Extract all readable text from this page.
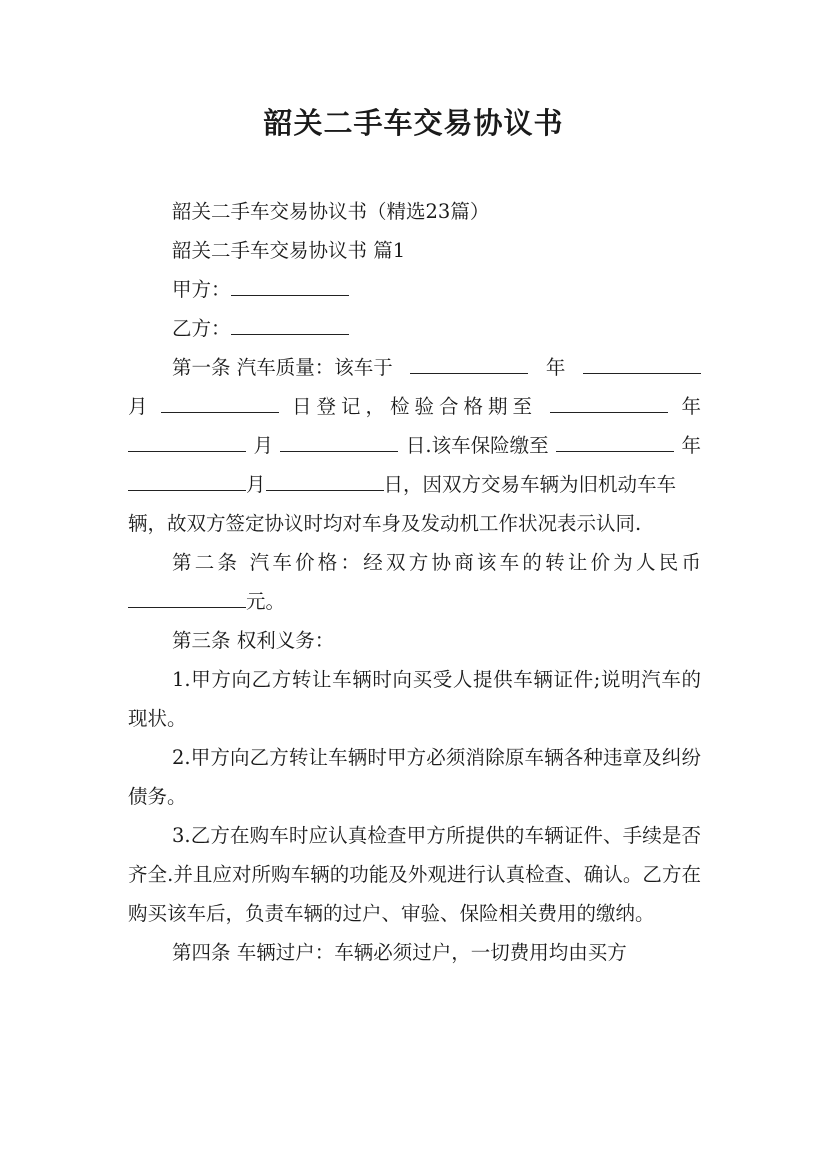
韶关二手车交易协议书

韶关二手车交易协议书（精选23篇）

韶关二手车交易协议书 篇1

甲方：

乙方：

第一条 汽车质量：该车于	年
月	日登记，检验合格期至	年
月	日.该车保险缴至	年
月	日，因双方交易车辆为旧机动车车辆，故双方签定协议时均对车身及发动机工作状况表示认同.

第二条 汽车价格：经双方协商该车的转让价为人民币元。

第三条 权利义务：

1.甲方向乙方转让车辆时向买受人提供车辆证件;说明汽车的现状。

2.甲方向乙方转让车辆时甲方必须消除原车辆各种违章及纠纷债务。

3.乙方在购车时应认真检查甲方所提供的车辆证件、手续是否齐全.并且应对所购车辆的功能及外观进行认真检查、确认。乙方在购买该车后，负责车辆的过户、审验、保险相关费用的缴纳。

第四条 车辆过户：车辆必须过户，一切费用均由买方
